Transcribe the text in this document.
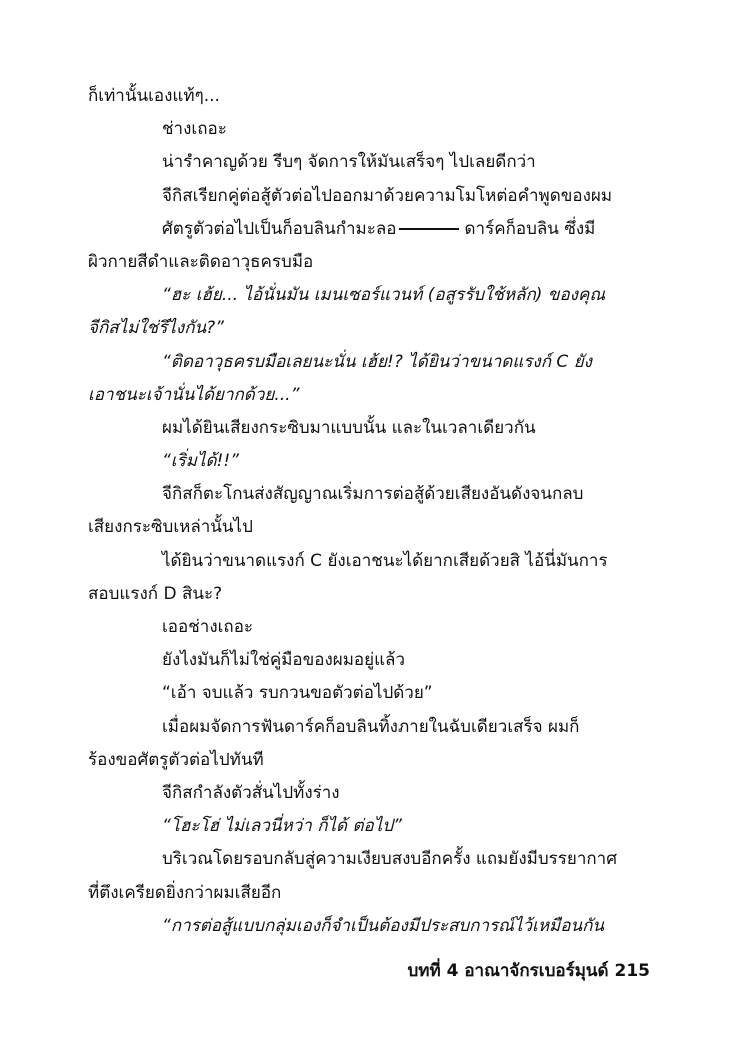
ก็เท่านั้นเองแท้ๆ...
ช่างเถอะ
น่ารำคาญด้วย รีบๆ จัดการให้มันเสร็จๆ ไปเลยดีกว่า
จีกิสเรียกคู่ต่อสู้ตัวต่อไปออกมาด้วยความโมโหต่อคำพูดของผม
ศัตรูตัวต่อไปเป็นก็อบลินกำมะลอ	ดาร์คก็อบลิน ซึ่งมี
ผิวกายสีดำและติดอาวุธครบมือ
“ฮะ เฮ้ย... ไอ้นั่นมัน เมนเซอร์แวนท์ (อสูรรับใช้หลัก) ของคุณ
จีกิสไม่ใช่รึไงกัน?”
“ติดอาวุธครบมือเลยนะนั่น เฮ้ย!? ได้ยินว่าขนาดแรงก์ C ยัง
เอาชนะเจ้านั่นได้ยากด้วย...”
ผมได้ยินเสียงกระซิบมาแบบนั้น และในเวลาเดียวกัน
“เริ่มได้!!”
จีกิสก็ตะโกนส่งสัญญาณเริ่มการต่อสู้ด้วยเสียงอันดังจนกลบ
เสียงกระซิบเหล่านั้นไป
ได้ยินว่าขนาดแรงก์ C ยังเอาชนะได้ยากเสียด้วยสิ ไอ้นี่มันการ
สอบแรงก์ D สินะ?
เออช่างเถอะ
ยังไงมันก็ไม่ใช่คู่มือของผมอยู่แล้ว
“เอ้า จบแล้ว รบกวนขอตัวต่อไปด้วย”
เมื่อผมจัดการฟันดาร์คก็อบลินทิ้งภายในฉับเดียวเสร็จ ผมก็
ร้องขอศัตรูตัวต่อไปทันที
จีกิสกำลังตัวสั่นไปทั้งร่าง
“โฮะโฮ่ ไม่เลวนี่หว่า ก็ได้ ต่อไป”
บริเวณโดยรอบกลับสู่ความเงียบสงบอีกครั้ง แถมยังมีบรรยากาศ
ที่ตึงเครียดยิ่งกว่าผมเสียอีก
“การต่อสู้แบบกลุ่มเองก็จำเป็นต้องมีประสบการณ์ไว้เหมือนกัน
บทที่ 4 อาณาจักรเบอร์มุนด์ 215
